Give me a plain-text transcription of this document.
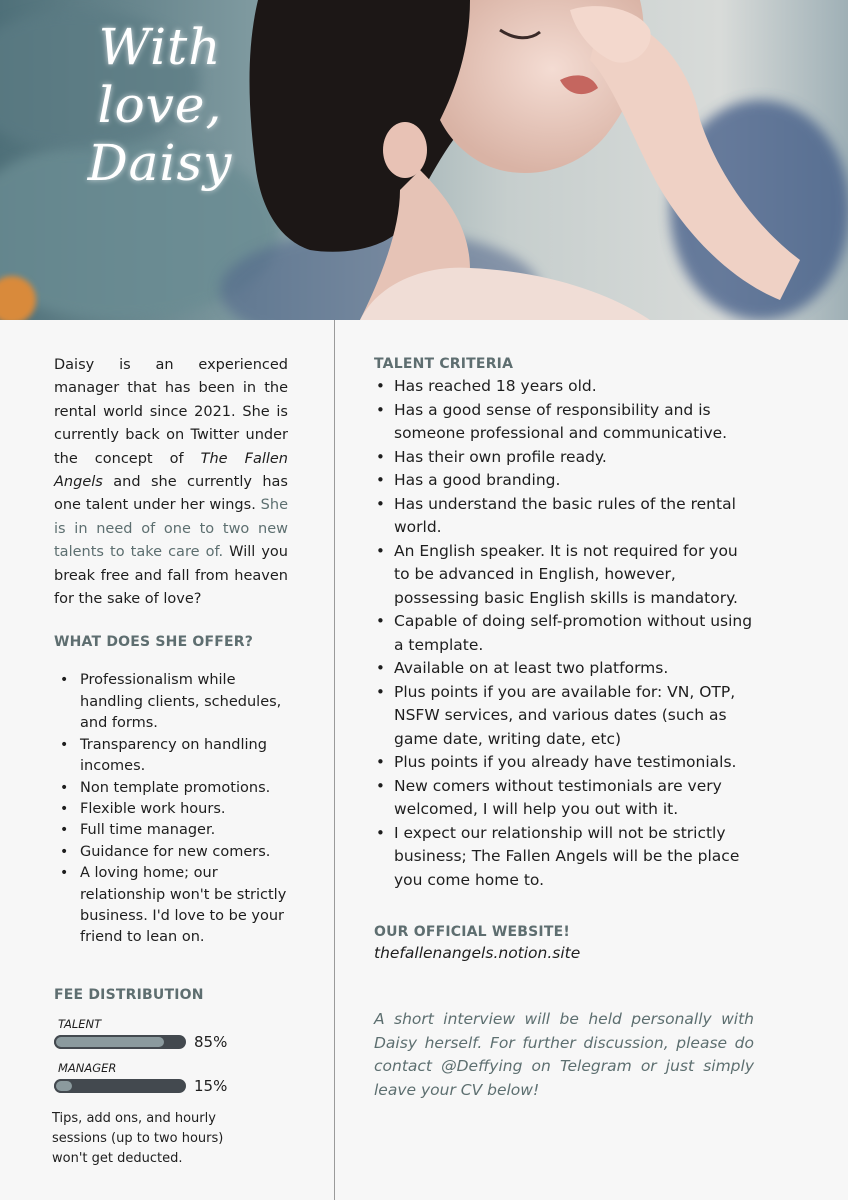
With love,
Daisy

Daisy is an experienced manager that has been in the rental world since 2021. She is currently back on Twitter under the concept of The Fallen Angels and she currently has one talent under her wings. She is in need of one to two new talents to take care of. Will you break free and fall from heaven for the sake of love?

WHAT DOES SHE OFFER?
• Professionalism while handling clients, schedules, and forms.
• Transparency on handling incomes.
• Non template promotions.
• Flexible work hours.
• Full time manager.
• Guidance for new comers.
• A loving home; our relationship won't be strictly business. I'd love to be your friend to lean on.
FEE DISTRIBUTION
TALENT
85%
MANAGER
15%

Tips, add ons, and hourly sessions (up to two hours) won't get deducted.

TALENT CRITERIA
• Has reached 18 years old.
• Has a good sense of responsibility and is someone professional and communicative.
• Has their own profile ready.
• Has a good branding.
• Has understand the basic rules of the rental world.
• An English speaker. It is not required for you to be advanced in English, however, possessing basic English skills is mandatory.
• Capable of doing self-promotion without using a template.
• Available on at least two platforms.
• Plus points if you are available for: VN, OTP, NSFW services, and various dates (such as game date, writing date, etc)
• Plus points if you already have testimonials.
• New comers without testimonials are very welcomed, I will help you out with it.
• I expect our relationship will not be strictly business; The Fallen Angels will be the place you come home to.
OUR OFFICIAL WEBSITE!
thefallenangels.notion.site

A short interview will be held personally with Daisy herself. For further discussion, please do contact @Deffying on Telegram or just simply leave your CV below!
